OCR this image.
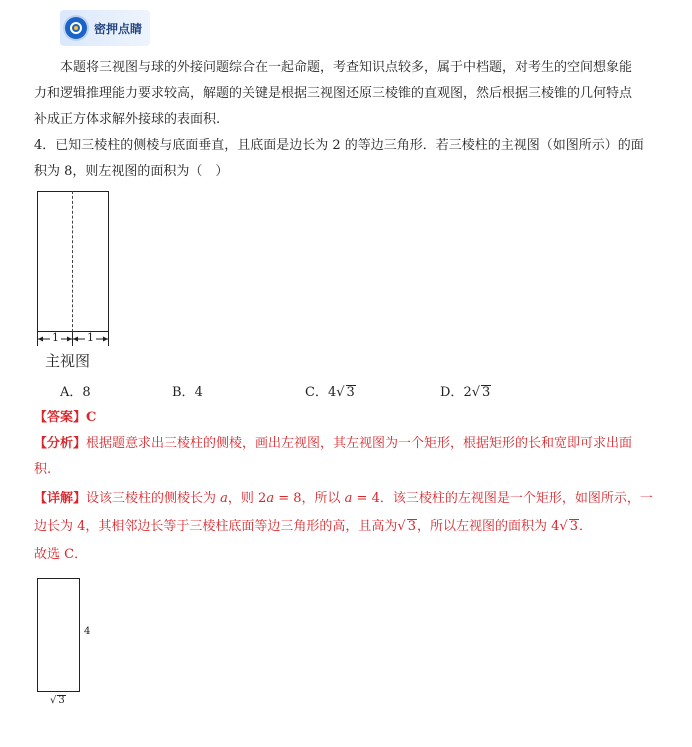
密押点睛
本题将三视图与球的外接问题综合在一起命题，考查知识点较多，属于中档题，对考生的空间想象能
力和逻辑推理能力要求较高，解题的关键是根据三视图还原三棱锥的直观图，然后根据三棱锥的几何特点
补成正方体求解外接球的表面积.
4．已知三棱柱的侧棱与底面垂直，且底面是边长为 2 的等边三角形．若三棱柱的主视图（如图所示）的面
积为 8，则左视图的面积为（　）
1	1
主视图
A．8	B．4	C．4√ 3	D．2√ 3
【答案】C
【分析】根据题意求出三棱柱的侧棱，画出左视图，其左视图为一个矩形，根据矩形的长和宽即可求出面
积.
【详解】设该三棱柱的侧棱长为 a，则 2a = 8，所以 a = 4．该三棱柱的左视图是一个矩形，如图所示，一
边长为 4，其相邻边长等于三棱柱底面等边三角形的高，且高为√ 3，所以左视图的面积为 4√ 3．
故选 C．
4
√ 3
